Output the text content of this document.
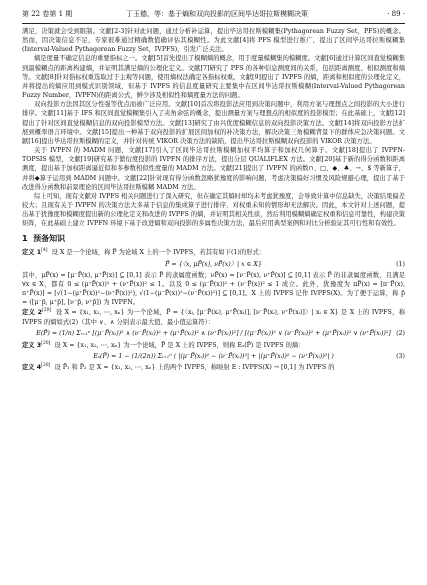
第 22 卷第 1 期	丁玉德，等：基于熵和双向投影的区间毕达哥拉斯模糊决策	· 89 ·

满足，决策就会受到限制。文献[2-3]针对此问题，通过分析补运算，提出毕达哥拉斯模糊集(Pythagorean Fuzzy Set，PFS)的概念。然而，因决策信息不足，专家很难通过精确数值确评估其模糊性。为此文献[4]将 PFS 模型进行推广，提出了区间毕达哥拉斯模糊集(Interval-Valued Pythagorean Fuzzy Set，IVPFS)，引发广泛关注。

熵是度量不确定信息的重要指标之一。文献[5]首先提出了模糊熵的概念，用于度量模糊集的模糊度。文献[6]通过计算区间直觉模糊集到最模糊点的距离构建熵，并证明其满足熵的公理化定义。文献[7]研究了 PFS 的各种信息测度间的关系，包括距离测度、相似测度和熵等。文献[8]针对指标权重选取过于主观等问题，使用熵权法确定各指标权重。文献[9]提出了 IVPFS 的熵，距离和相似度的公理化定义，并将提出的熵应用到模式识别领域，但基于 IVPFS 的信息度量研究主要集中在区间毕达哥拉斯模糊(Interval-Valued Pythagorean Fuzzy Number，IVPFN)的距离公式，鲜少涉及相似性和熵度量方法的问题。

双向投影方法因其区分性强等优点而被广泛应用。文献[10]首次将投影法应用到决策问题中，利用方案与理想点之间投影的大小进行排序。文献[11]基于 IFS 和区间直觉模糊集引入了夹角余弦的概念，提出测量方案与理想点的相似度的投影模型；在此基础上，文献[12]提出了针对区间直觉模糊信息的双向投影模型方法。文献[13]研究了由兴优度模糊信息的双向投影决策方法。文献[14]将双向投影方法扩展到概率语言环境中。文献[15]提出一种基于双向投影的扩展区间加权的补决策方法，解决决策三角模糊背景下的群体应急决策问题。文献[16]提出毕达哥拉斯模糊的定义，并针对传统 VIKOR 决策方法的缺陷，提出毕达哥拉斯模糊双向投影的 VIKOR 决策方法。

关于 IVPFN 的 MADM 问题，文献[17]引入了区间毕达哥拉斯模糊加权平均算子和加权几何算子。文献[18]提出了 IVPFN-TOPSIS 模型，文献[19]研究基于繁衍度投影的 IVPFN 的排序方法，提出分层 QUALIFLEX 方法。文献[20]基于新的得分函数和距离测度，提出基于加权距离逼近似和多参数相似性度量的 MADM 方法。文献[21]提出了 IVPFN 的函数∩、□、◆、♣、→、$ 等新算子，并将◆算子运用到 MADM 问题中。文献[22]针对现有得分函数忽略犹豫度的影响问题，考虑决策偏好习惯及风险规避心理，提出了基于改进得分函数和前景理论的区间毕达哥拉斯模糊 MADM 方法。

综上可知，现有文献对 IVPFS 相关问题进行了深入研究，但在确定其熵时却均未考虑犹豫度，会导致计算中信息缺失，决策结果偏差较大；且现有关于 IVPFN 的决策方法大多基于信息的集成算子进行排序，对权重未知的情形却无法解决。因此，本文针对上述问题，提出基于犹豫度和模糊度提出新的公理化定义和改进的 IVPFS 的熵，并证明其相关性质，然后利用模糊熵确定权重和信息可靠性，构建决策矩阵，在此基础上建立 IVPFN 环境下基于改进熵和双向投影的多属性决策方法，最后应用典型案例和对比分析验证其可行性和有效性。

1 预备知识

定义 1[4] 设 X 是一个论域，称 P̃ 为论域 X 上的一个 IVPFS，若其有如下(1)的形式：

P̃ = {〈x, μP̃(x), νP̃(x)〉| x ∈ X}	(1)

其中，μP̃(x) = [μ⁻P̃(x), μ⁺P̃(x)] ⊆ [0,1] 表示 P̃ 的隶属度函数；νP̃(x) = [ν⁻P̃(x), ν⁺P̃(x)] ⊆ [0,1] 表示 P̃ 的非隶属度函数，且满足 ∀x ∈ X，都有 0 ≤ (μ⁺P̃(x))² + (ν⁺P̃(x))² ≤ 1。以及 0 ≤ (μ⁻P̃(x))² + (ν⁻P̃(x))² ≤ 1 成立。此外，犹豫度为 πP̃(x) = [π⁻P̃(x), π⁺P̃(x)] = [√(1−(μ⁺P̃(x))²−(ν⁺P̃(x))²), √(1−(μ⁻P̃(x))²−(ν⁻P̃(x))²)] ⊆ [0,1]。X 上的 IVPFS 记作 IVPFS(X)。为了便于运算，称 p̃ = ([μ⁻p̃, μ⁺p̃], [ν⁻p̃, ν⁺p̃]) 为 IVPFN。

定义 2[20] 设 X = {x₁, x₂, ⋯, xₙ} 为一个论域，P̃ = {〈xᵢ, [μ⁻P̃(xᵢ), μ⁺P̃(xᵢ)], [ν⁻P̃(xᵢ), ν⁺P̃(xᵢ)]〉| xᵢ ∈ X} 是 X 上的 IVPFS，称 IVPFS 的熵如式(2)（其中 ∨、∧ 分别表示最大值、最小值运算符）：

E(P̃) = (1/n) Σᵢ₌₁ⁿ [(μ⁻P̃(xᵢ))² ∧ (ν⁻P̃(xᵢ))² + (μ⁺P̃(xᵢ))² ∧ (ν⁺P̃(xᵢ))²] / [(μ⁻P̃(xᵢ))² ∨ (ν⁻P̃(xᵢ))² + (μ⁺P̃(xᵢ))² ∨ (ν⁺P̃(xᵢ))²] (2)

定义 3[20] 设 X = {x₁, x₂, ⋯, xₙ} 为一个论域，P̃ 是 X 上的 IVPFS，则称 Eₛ(P̃) 是 IVPFS 的熵：

Eₛ(P̃) = 1 − (1/(2n)) Σᵢ₌₁ⁿ ( |(μ⁻P̃(xᵢ))² − (ν⁻P̃(xᵢ))²| + |(μ⁺P̃(xᵢ))² − (ν⁺P̃(xᵢ))²| )	(3)

定义 4[20] 设 P̃₁ 和 P̃₂ 是 X = {x₁, x₂, ⋯, xₙ} 上的两个 IVPFS，称映射 E : IVPFS(X) → [0,1] 为 IVPFS 的
